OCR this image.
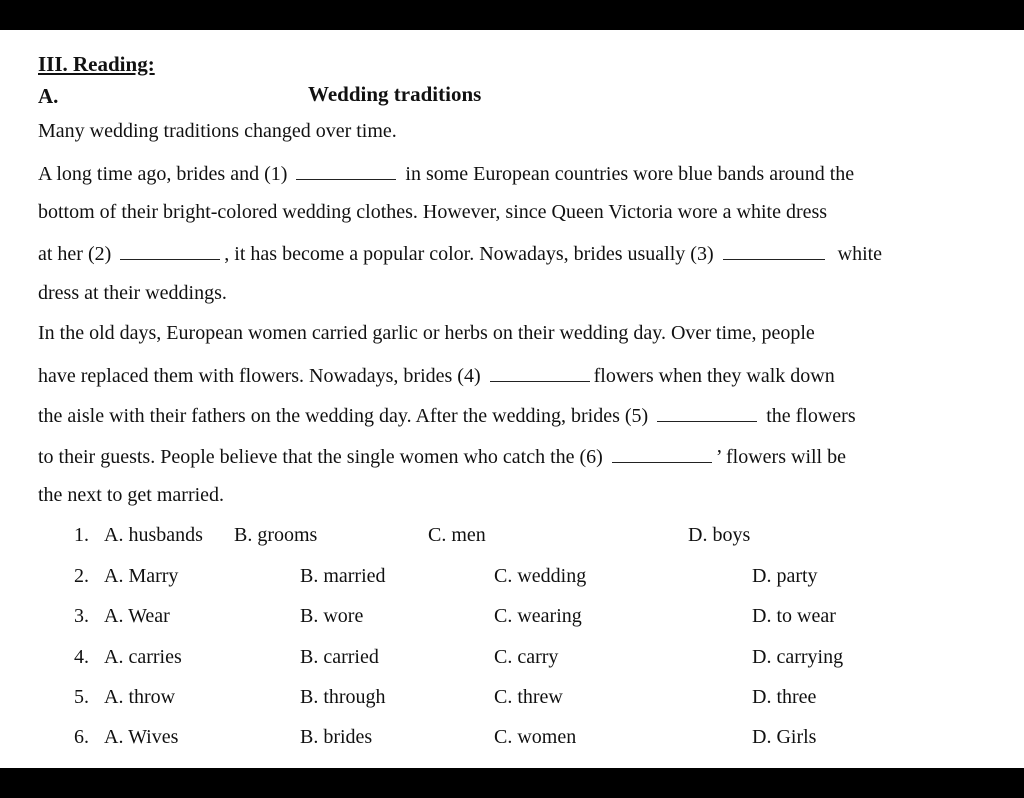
III. Reading:
A.	Wedding traditions
Many wedding traditions changed over time.
A long time ago, brides and (1)	in some European countries wore blue bands around the
bottom of their bright-colored wedding clothes. However, since Queen Victoria wore a white dress
at her (2)	, it has become a popular color. Nowadays, brides usually (3)	white
dress at their weddings.
In the old days, European women carried garlic or herbs on their wedding day. Over time, people
have replaced them with flowers. Nowadays, brides (4)	flowers when they walk down
the aisle with their fathers on the wedding day. After the wedding, brides (5)	the flowers
to their guests. People believe that the single women who catch the (6)	’ flowers will be
the next to get married.
1. A. husbands B. grooms	C. men	D. boys
2. A. Marry	B. married	C. wedding	D. party
3. A. Wear	B. wore	C. wearing	D. to wear
4. A. carries	B. carried	C. carry	D. carrying
5. A. throw	B. through	C. threw	D. three
6. A. Wives	B. brides	C. women	D. Girls
